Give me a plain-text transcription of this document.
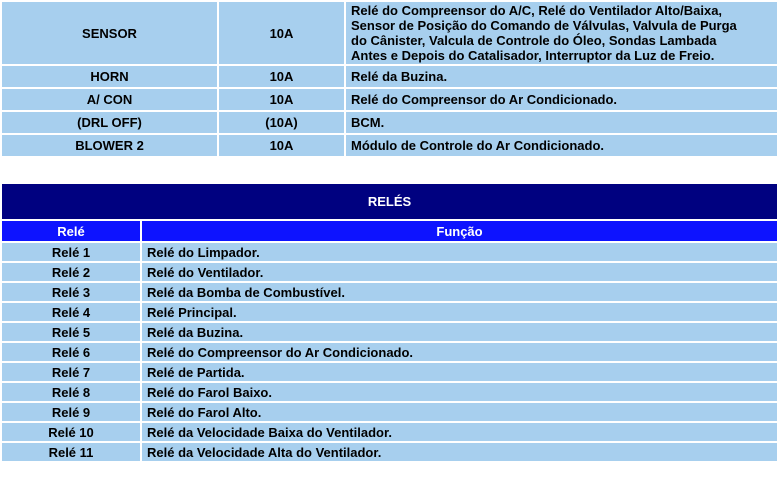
SENSOR	10A	Relé do Compreensor do A/C, Relé do Ventilador Alto/Baixa,
Sensor de Posição do Comando de Válvulas, Valvula de Purga
do Cânister, Valcula de Controle do Óleo, Sondas Lambada
Antes e Depois do Catalisador, Interruptor da Luz de Freio.

HORN	10A	Relé da Buzina.
A/ CON	10A	Relé do Compreensor do Ar Condicionado.
(DRL OFF)	(10A)	BCM.
BLOWER 2	10A	Módulo de Controle do Ar Condicionado.
RELÉS	
Relé	Função
Relé 1	Relé do Limpador.
Relé 2	Relé do Ventilador.
Relé 3	Relé da Bomba de Combustível.
Relé 4	Relé Principal.
Relé 5	Relé da Buzina.
Relé 6	Relé do Compreensor do Ar Condicionado.
Relé 7	Relé de Partida.
Relé 8	Relé do Farol Baixo.
Relé 9	Relé do Farol Alto.
Relé 10	Relé da Velocidade Baixa do Ventilador.
Relé 11	Relé da Velocidade Alta do Ventilador.
